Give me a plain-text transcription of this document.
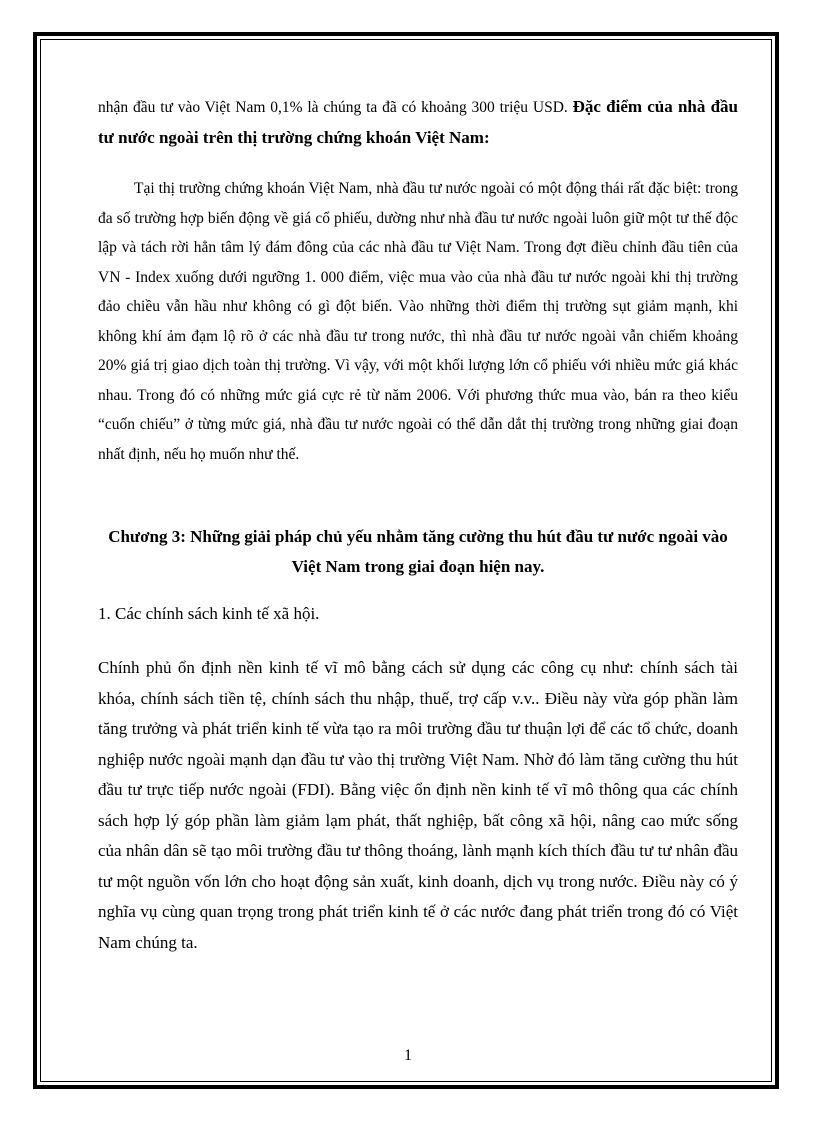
nhận đầu tư vào Việt Nam 0,1% là chúng ta đã có khoảng 300 triệu USD. Đặc điểm của nhà đầu tư nước ngoài trên thị trường chứng khoán Việt Nam:

Tại thị trường chứng khoán Việt Nam, nhà đầu tư nước ngoài có một động thái rất đặc biệt: trong đa số trường hợp biến động về giá cổ phiếu, dường như nhà đầu tư nước ngoài luôn giữ một tư thế độc lập và tách rời hẳn tâm lý đám đông của các nhà đầu tư Việt Nam. Trong đợt điều chỉnh đầu tiên của VN - Index xuống dưới ngưỡng 1. 000 điểm, việc mua vào của nhà đầu tư nước ngoài khi thị trường đảo chiều vẫn hầu như không có gì đột biến. Vào những thời điểm thị trường sụt giảm mạnh, khi không khí ảm đạm lộ rõ ở các nhà đầu tư trong nước, thì nhà đầu tư nước ngoài vẫn chiếm khoảng 20% giá trị giao dịch toàn thị trường. Vì vậy, với một khối lượng lớn cổ phiếu với nhiều mức giá khác nhau. Trong đó có những mức giá cực rẻ từ năm 2006. Với phương thức mua vào, bán ra theo kiểu “cuốn chiếu” ở từng mức giá, nhà đầu tư nước ngoài có thể dẫn dắt thị trường trong những giai đoạn nhất định, nếu họ muốn như thế.

Chương 3: Những giải pháp chủ yếu nhằm tăng cường thu hút đầu tư nước ngoài vào Việt Nam trong giai đoạn hiện nay.
1. Các chính sách kinh tế xã hội.

Chính phủ ổn định nền kinh tế vĩ mô bằng cách sử dụng các công cụ như: chính sách tài khóa, chính sách tiền tệ, chính sách thu nhập, thuế, trợ cấp v.v.. Điều này vừa góp phần làm tăng trưởng và phát triển kinh tế vừa tạo ra môi trường đầu tư thuận lợi để các tổ chức, doanh nghiệp nước ngoài mạnh dạn đầu tư vào thị trường Việt Nam. Nhờ đó làm tăng cường thu hút đầu tư trực tiếp nước ngoài (FDI). Bằng việc ổn định nền kinh tế vĩ mô thông qua các chính sách hợp lý góp phần làm giảm lạm phát, thất nghiệp, bất công xã hội, nâng cao mức sống của nhân dân sẽ tạo môi trường đầu tư thông thoáng, lành mạnh kích thích đầu tư tư nhân đầu tư một nguồn vốn lớn cho hoạt động sản xuất, kinh doanh, dịch vụ trong nước. Điều này có ý nghĩa vụ cùng quan trọng trong phát triển kinh tế ở các nước đang phát triển trong đó có Việt Nam chúng ta.

1
